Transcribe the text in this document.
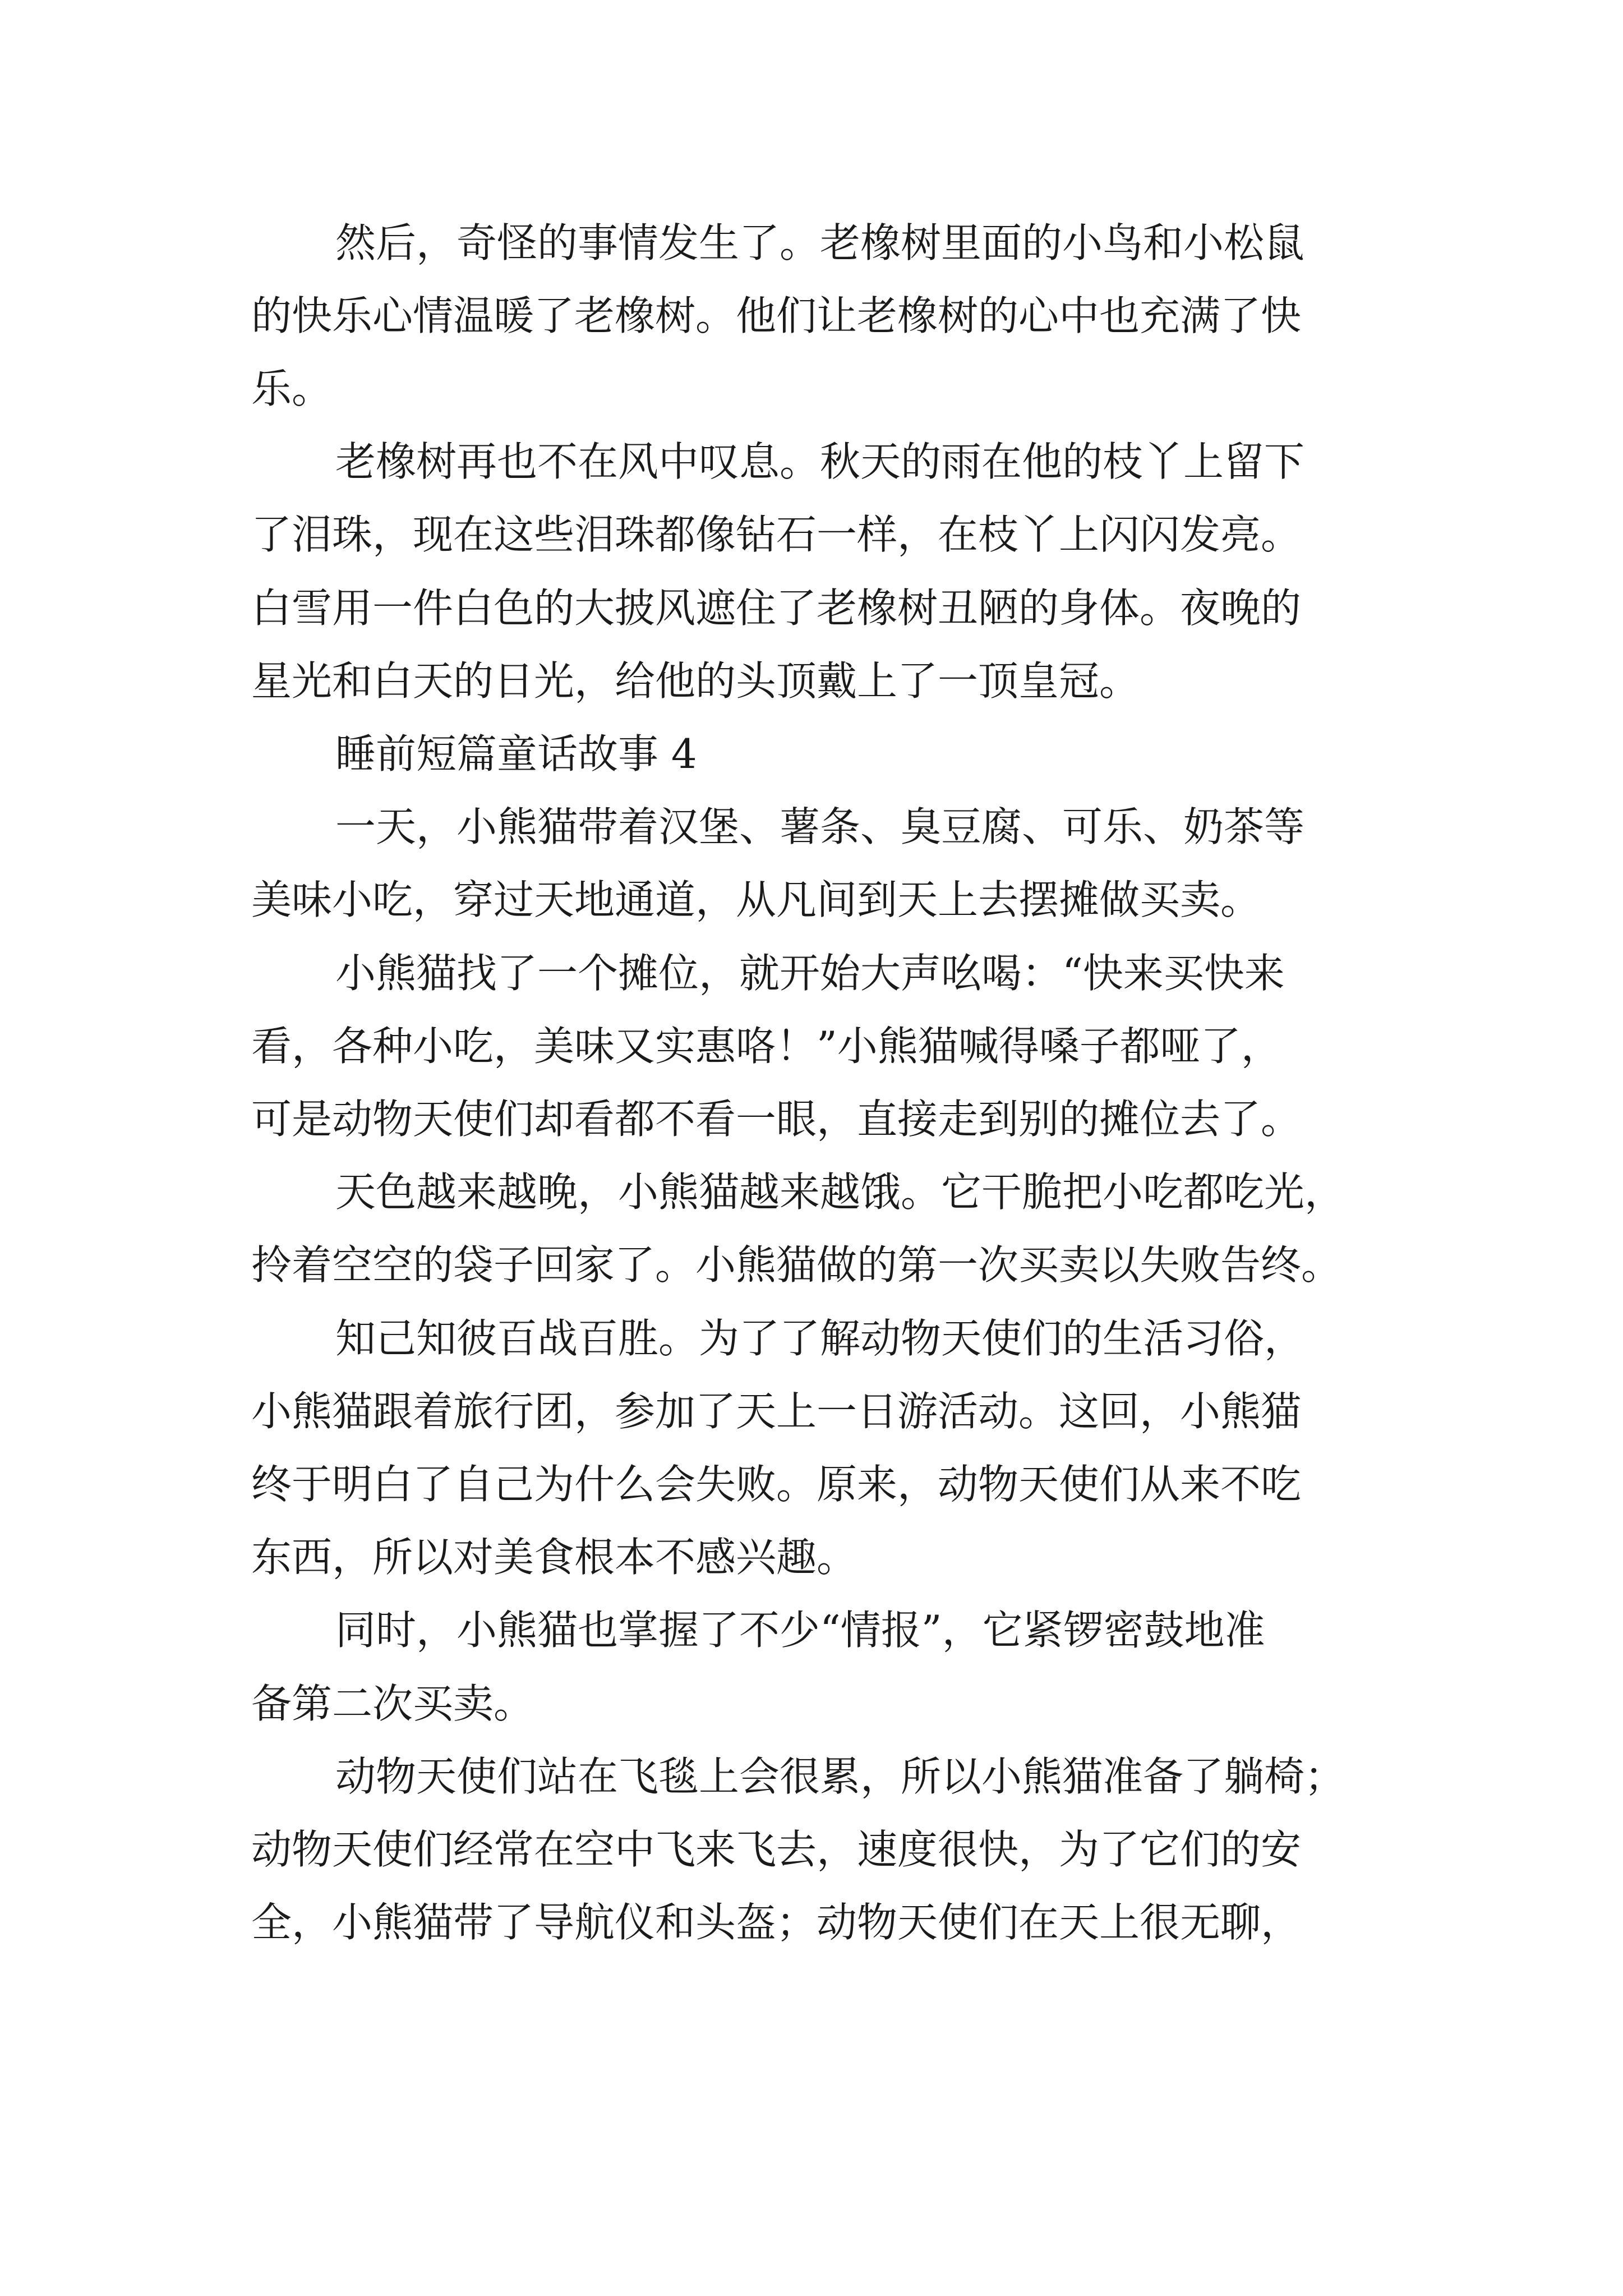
然后，奇怪的事情发生了。老橡树里面的小鸟和小松鼠
的快乐心情温暖了老橡树。他们让老橡树的心中也充满了快
乐。
老橡树再也不在风中叹息。秋天的雨在他的枝丫上留下
了泪珠，现在这些泪珠都像钻石一样，在枝丫上闪闪发亮。
白雪用一件白色的大披风遮住了老橡树丑陋的身体。夜晚的
星光和白天的日光，给他的头顶戴上了一顶皇冠。
睡前短篇童话故事 4
一天，小熊猫带着汉堡、薯条、臭豆腐、可乐、奶茶等
美味小吃，穿过天地通道，从凡间到天上去摆摊做买卖。
小熊猫找了一个摊位，就开始大声吆喝：“快来买快来
看，各种小吃，美味又实惠咯！”小熊猫喊得嗓子都哑了，
可是动物天使们却看都不看一眼，直接走到别的摊位去了。
天色越来越晚，小熊猫越来越饿。它干脆把小吃都吃光，
拎着空空的袋子回家了。小熊猫做的第一次买卖以失败告终。
知己知彼百战百胜。为了了解动物天使们的生活习俗，
小熊猫跟着旅行团，参加了天上一日游活动。这回，小熊猫
终于明白了自己为什么会失败。原来，动物天使们从来不吃
东西，所以对美食根本不感兴趣。
同时，小熊猫也掌握了不少“情报”，它紧锣密鼓地准
备第二次买卖。
动物天使们站在飞毯上会很累，所以小熊猫准备了躺椅；
动物天使们经常在空中飞来飞去，速度很快，为了它们的安
全，小熊猫带了导航仪和头盔；动物天使们在天上很无聊，
